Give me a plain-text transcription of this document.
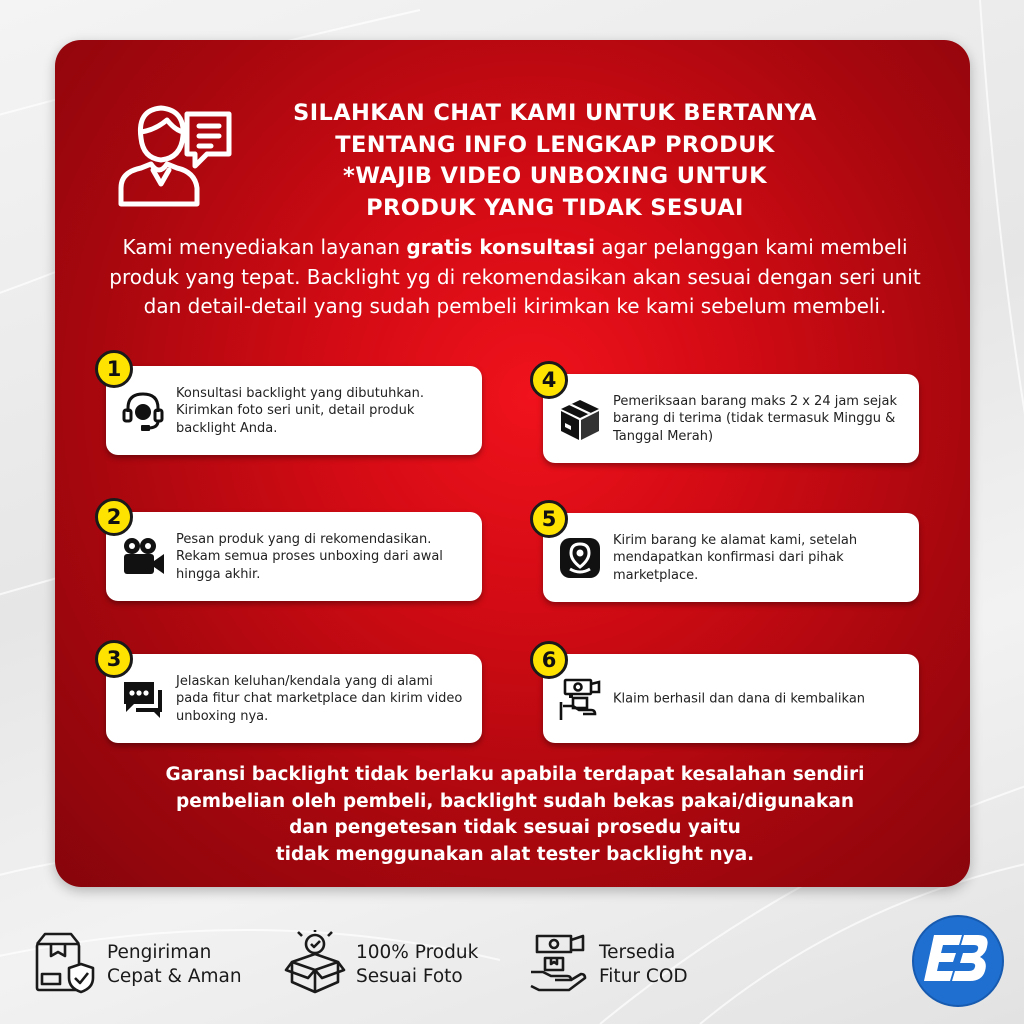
SILAHKAN CHAT KAMI UNTUK BERTANYA
TENTANG INFO LENGKAP PRODUK
*WAJIB VIDEO UNBOXING UNTUK
PRODUK YANG TIDAK SESUAI
Kami menyediakan layanan gratis konsultasi agar pelanggan kami membeli produk yang tepat. Backlight yg di rekomendasikan akan sesuai dengan seri unit dan detail-detail yang sudah pembeli kirimkan ke kami sebelum membeli.
Konsultasi backlight yang dibutuhkan. Kirimkan foto seri unit, detail produk backlight Anda.
1
Pesan produk yang di rekomendasikan. Rekam semua proses unboxing dari awal hingga akhir.
2
Jelaskan keluhan/kendala yang di alami pada fitur chat marketplace dan kirim video unboxing nya.
3
Pemeriksaan barang maks 2 x 24 jam sejak barang di terima (tidak termasuk Minggu & Tanggal Merah)
4
Kirim barang ke alamat kami, setelah mendapatkan konfirmasi dari pihak marketplace.
5
Klaim berhasil dan dana di kembalikan
6
Garansi backlight tidak berlaku apabila terdapat kesalahan sendiri
pembelian oleh pembeli, backlight sudah bekas pakai/digunakan
dan pengetesan tidak sesuai prosedu yaitu
tidak menggunakan alat tester backlight nya.
Pengiriman
Cepat & Aman
100% Produk
Sesuai Foto
Tersedia
Fitur COD
